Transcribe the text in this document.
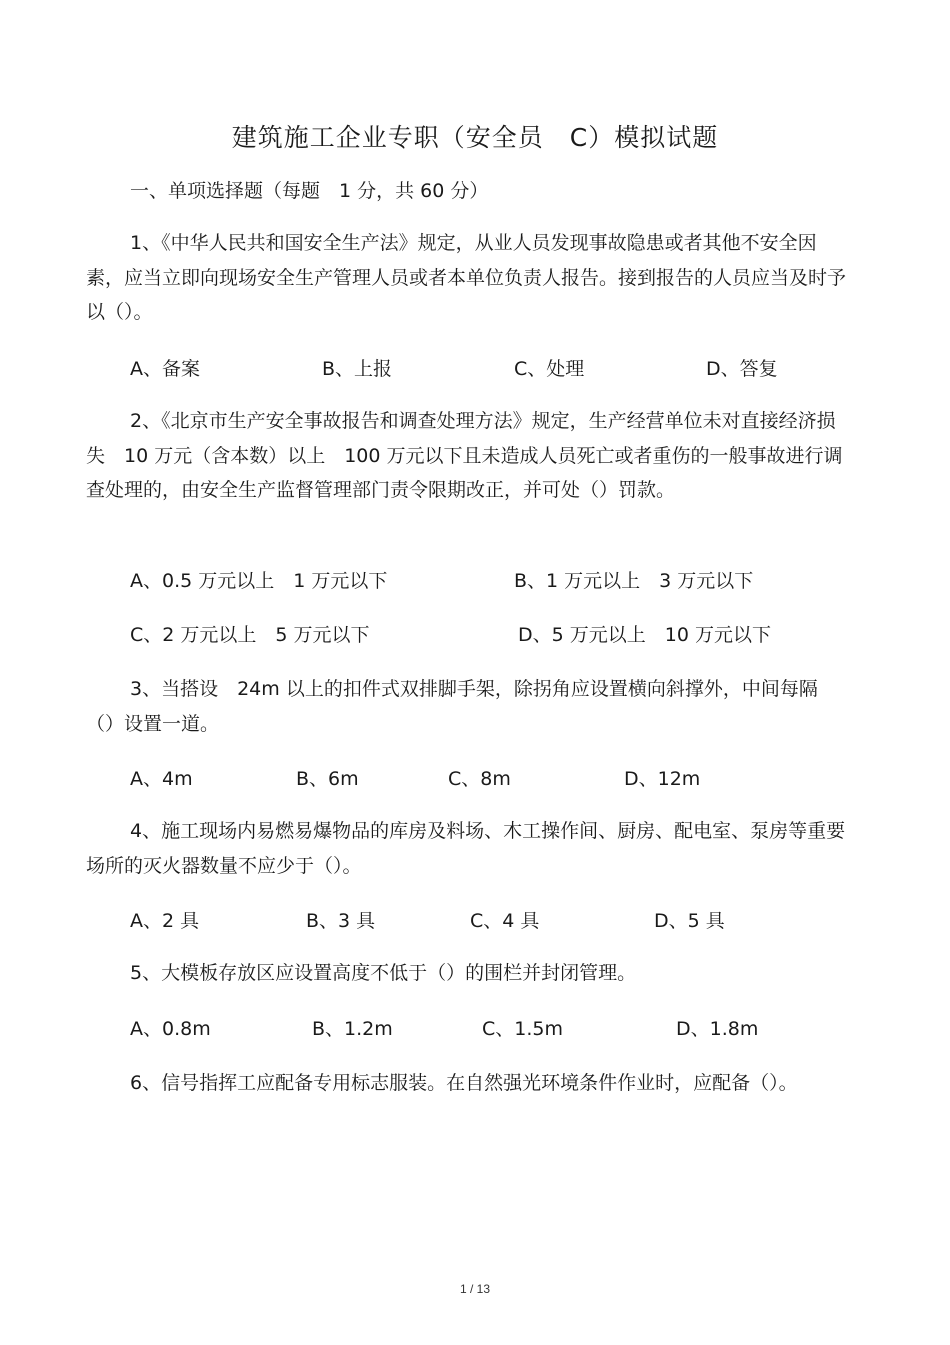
建筑施工企业专职（安全员　C）模拟试题
一、单项选择题（每题　1 分，共 60 分）

1、《中华人民共和国安全生产法》规定，从业人员发现事故隐患或者其他不安全因素，应当立即向现场安全生产管理人员或者本单位负责人报告。接到报告的人员应当及时予以（）。

A、备案	B、上报	C、处理	D、答复

2、《北京市生产安全事故报告和调查处理方法》规定，生产经营单位未对直接经济损失　10 万元（含本数）以上　100 万元以下且未造成人员死亡或者重伤的一般事故进行调查处理的，由安全生产监督管理部门责令限期改正，并可处（）罚款。

A、0.5 万元以上　1 万元以下	B、1 万元以上　3 万元以下
C、2 万元以上　5 万元以下	D、5 万元以上　10 万元以下

3、当搭设　24m 以上的扣件式双排脚手架，除拐角应设置横向斜撑外，中间每隔（）设置一道。

A、4m	B、6m	C、8m	D、12m

4、施工现场内易燃易爆物品的库房及料场、木工操作间、厨房、配电室、泵房等重要场所的灭火器数量不应少于（）。

A、2 具	B、3 具	C、4 具	D、5 具

5、大模板存放区应设置高度不低于（）的围栏并封闭管理。

A、0.8m	B、1.2m	C、1.5m	D、1.8m

6、信号指挥工应配备专用标志服装。在自然强光环境条件作业时，应配备（）。

1 / 13
